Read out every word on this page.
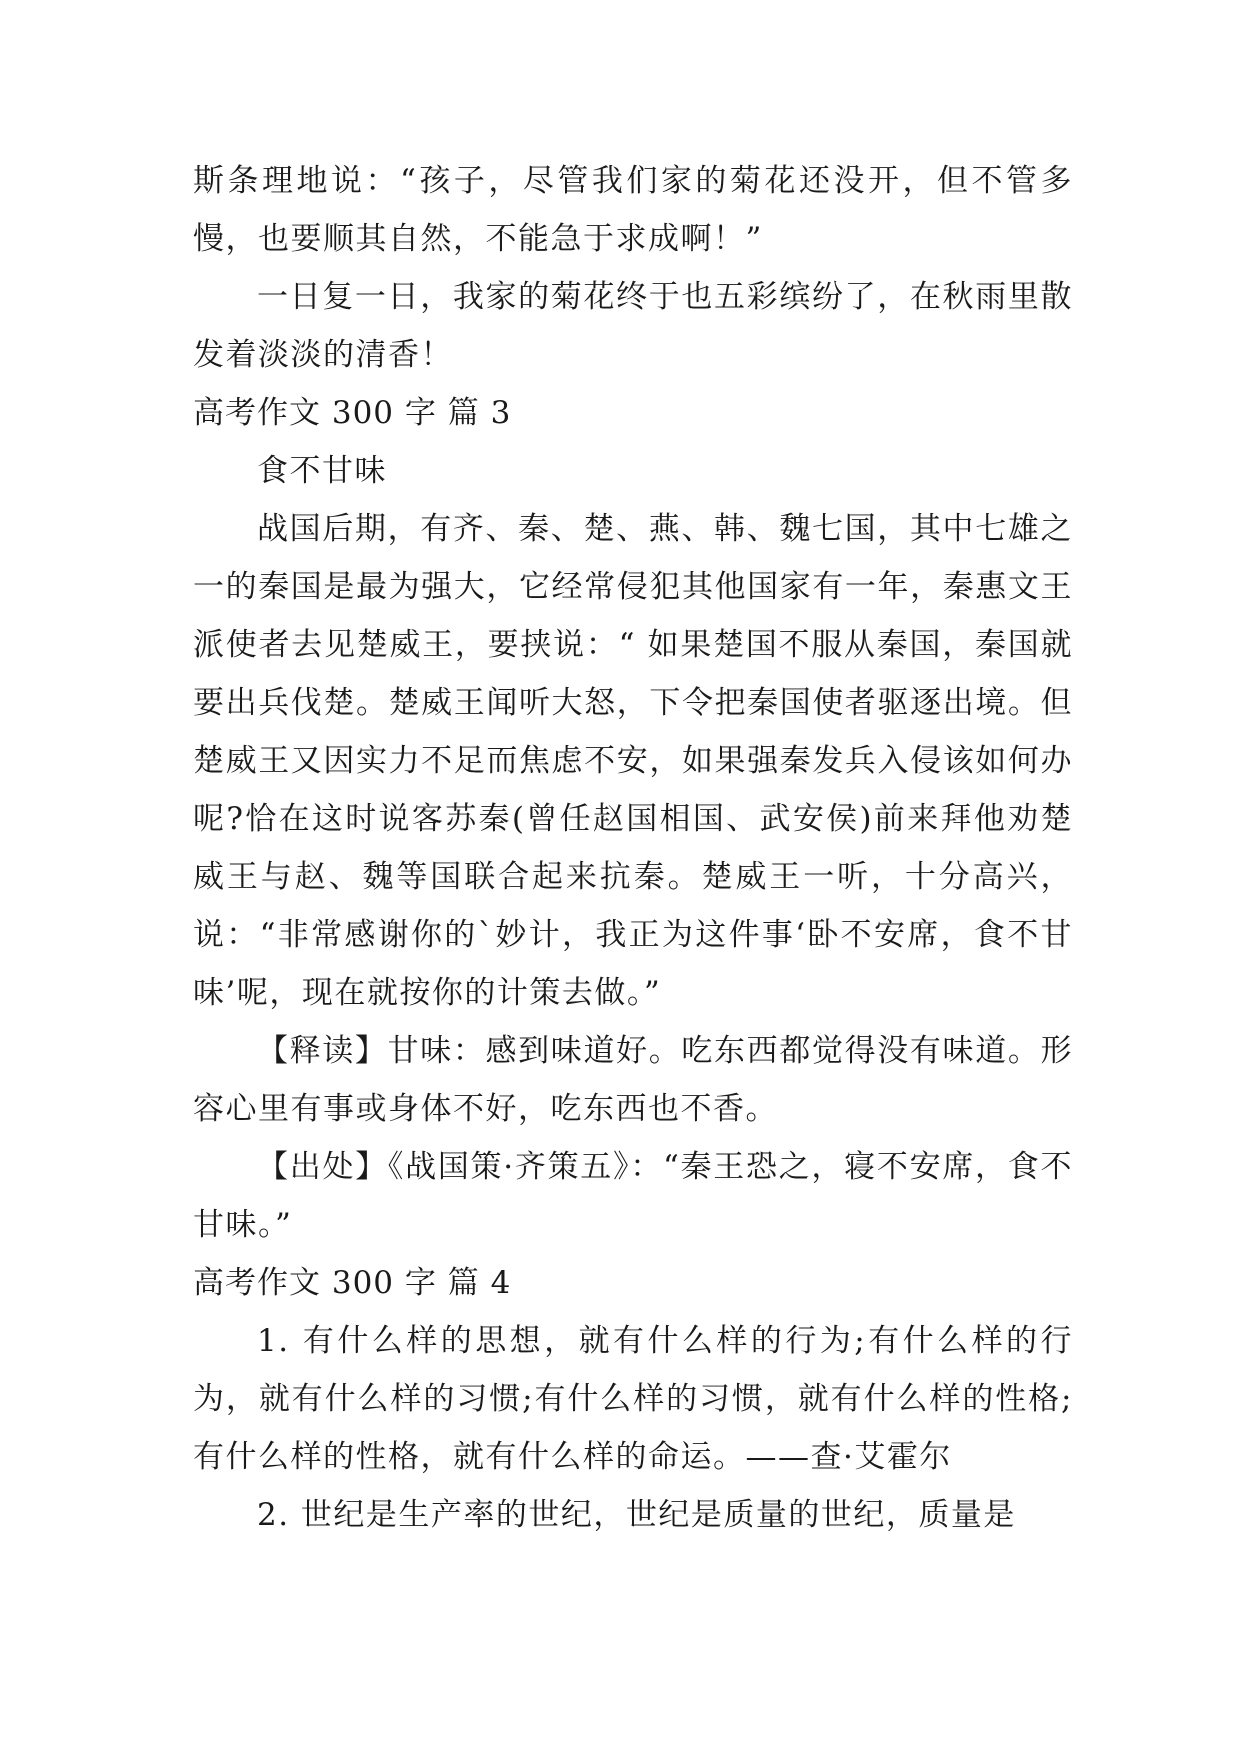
斯条理地说：“孩子，尽管我们家的菊花还没开，但不管多慢，也要顺其自然，不能急于求成啊！”

一日复一日，我家的菊花终于也五彩缤纷了，在秋雨里散发着淡淡的清香！

高考作文 300 字 篇 3

食不甘味

战国后期，有齐、秦、楚、燕、韩、魏七国，其中七雄之一的秦国是最为强大，它经常侵犯其他国家有一年，秦惠文王派使者去见楚威王，要挟说：“ 如果楚国不服从秦国，秦国就要出兵伐楚。楚威王闻听大怒，下令把秦国使者驱逐出境。但楚威王又因实力不足而焦虑不安，如果强秦发兵入侵该如何办呢?恰在这时说客苏秦(曾任赵国相国、武安侯)前来拜他劝楚威王与赵、魏等国联合起来抗秦。楚威王一听，十分高兴，说：“非常感谢你的`妙计，我正为这件事‘卧不安席，食不甘味’呢，现在就按你的计策去做。”

【释读】甘味：感到味道好。吃东西都觉得没有味道。形容心里有事或身体不好，吃东西也不香。

【出处】《战国策·齐策五》：“秦王恐之，寝不安席，食不甘味。”

高考作文 300 字 篇 4

1. 有什么样的思想，就有什么样的行为;有什么样的行为，就有什么样的习惯;有什么样的习惯，就有什么样的性格;有什么样的性格，就有什么样的命运。——查·艾霍尔

2. 世纪是生产率的世纪，世纪是质量的世纪，质量是
